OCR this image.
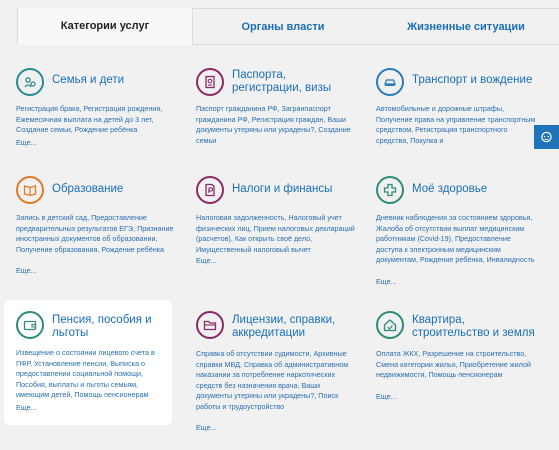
Категории услуг	Органы власти	Жизненные ситуации
Семья и дети
Регистрация брака, Регистрация рождения, Ежемесячная выплата на детей до 3 лет, Создание семьи, Рождение ребёнка
Еще...
Паспорта, регистрации, визы
Паспорт гражданина РФ, Загранпаспорт гражданина РФ, Регистрация граждан, Ваши документы утеряны или украдены?, Создание семьи
Транспорт и вождение
Автомобильные и дорожные штрафы, Получение права на управление транспортным средством, Регистрация транспортного средства, Покупка и
Образование
Запись в детский сад, Предоставление предварительных результатов ЕГЭ, Признание иностранных документов об образовании, Получение образования, Рождение ребёнка
Еще...
Налоги и финансы
Налоговая задолженность, Налоговый учет физических лиц, Прием налоговых деклараций (расчетов), Как открыть своё дело, Имущественный налоговый вычет
Еще...
Моё здоровье
Дневник наблюдения за состоянием здоровья, Жалоба об отсутствии выплат медицинским работникам (Covid-19), Предоставление доступа к электронным медицинским документам, Рождение ребёнка, Инвалидность
Еще...
Пенсия, пособия и льготы
Извещение о состоянии лицевого счета в ПФР, Установление пенсии, Выписка о предоставлении социальной помощи, Пособия, выплаты и льготы семьям, имеющим детей, Помощь пенсионерам
Еще...
Лицензии, справки, аккредитации
Справка об отсутствии судимости, Архивные справки МВД, Справка об административном наказании за потребление наркотических средств без назначения врача, Ваши документы утеряны или украдены?, Поиск работы и трудоустройство
Еще...
Квартира, строительство и земля
Оплата ЖКХ, Разрешение на строительство, Смена категории жилья, Приобретение жилой недвижимости, Помощь пенсионерам
Еще...
